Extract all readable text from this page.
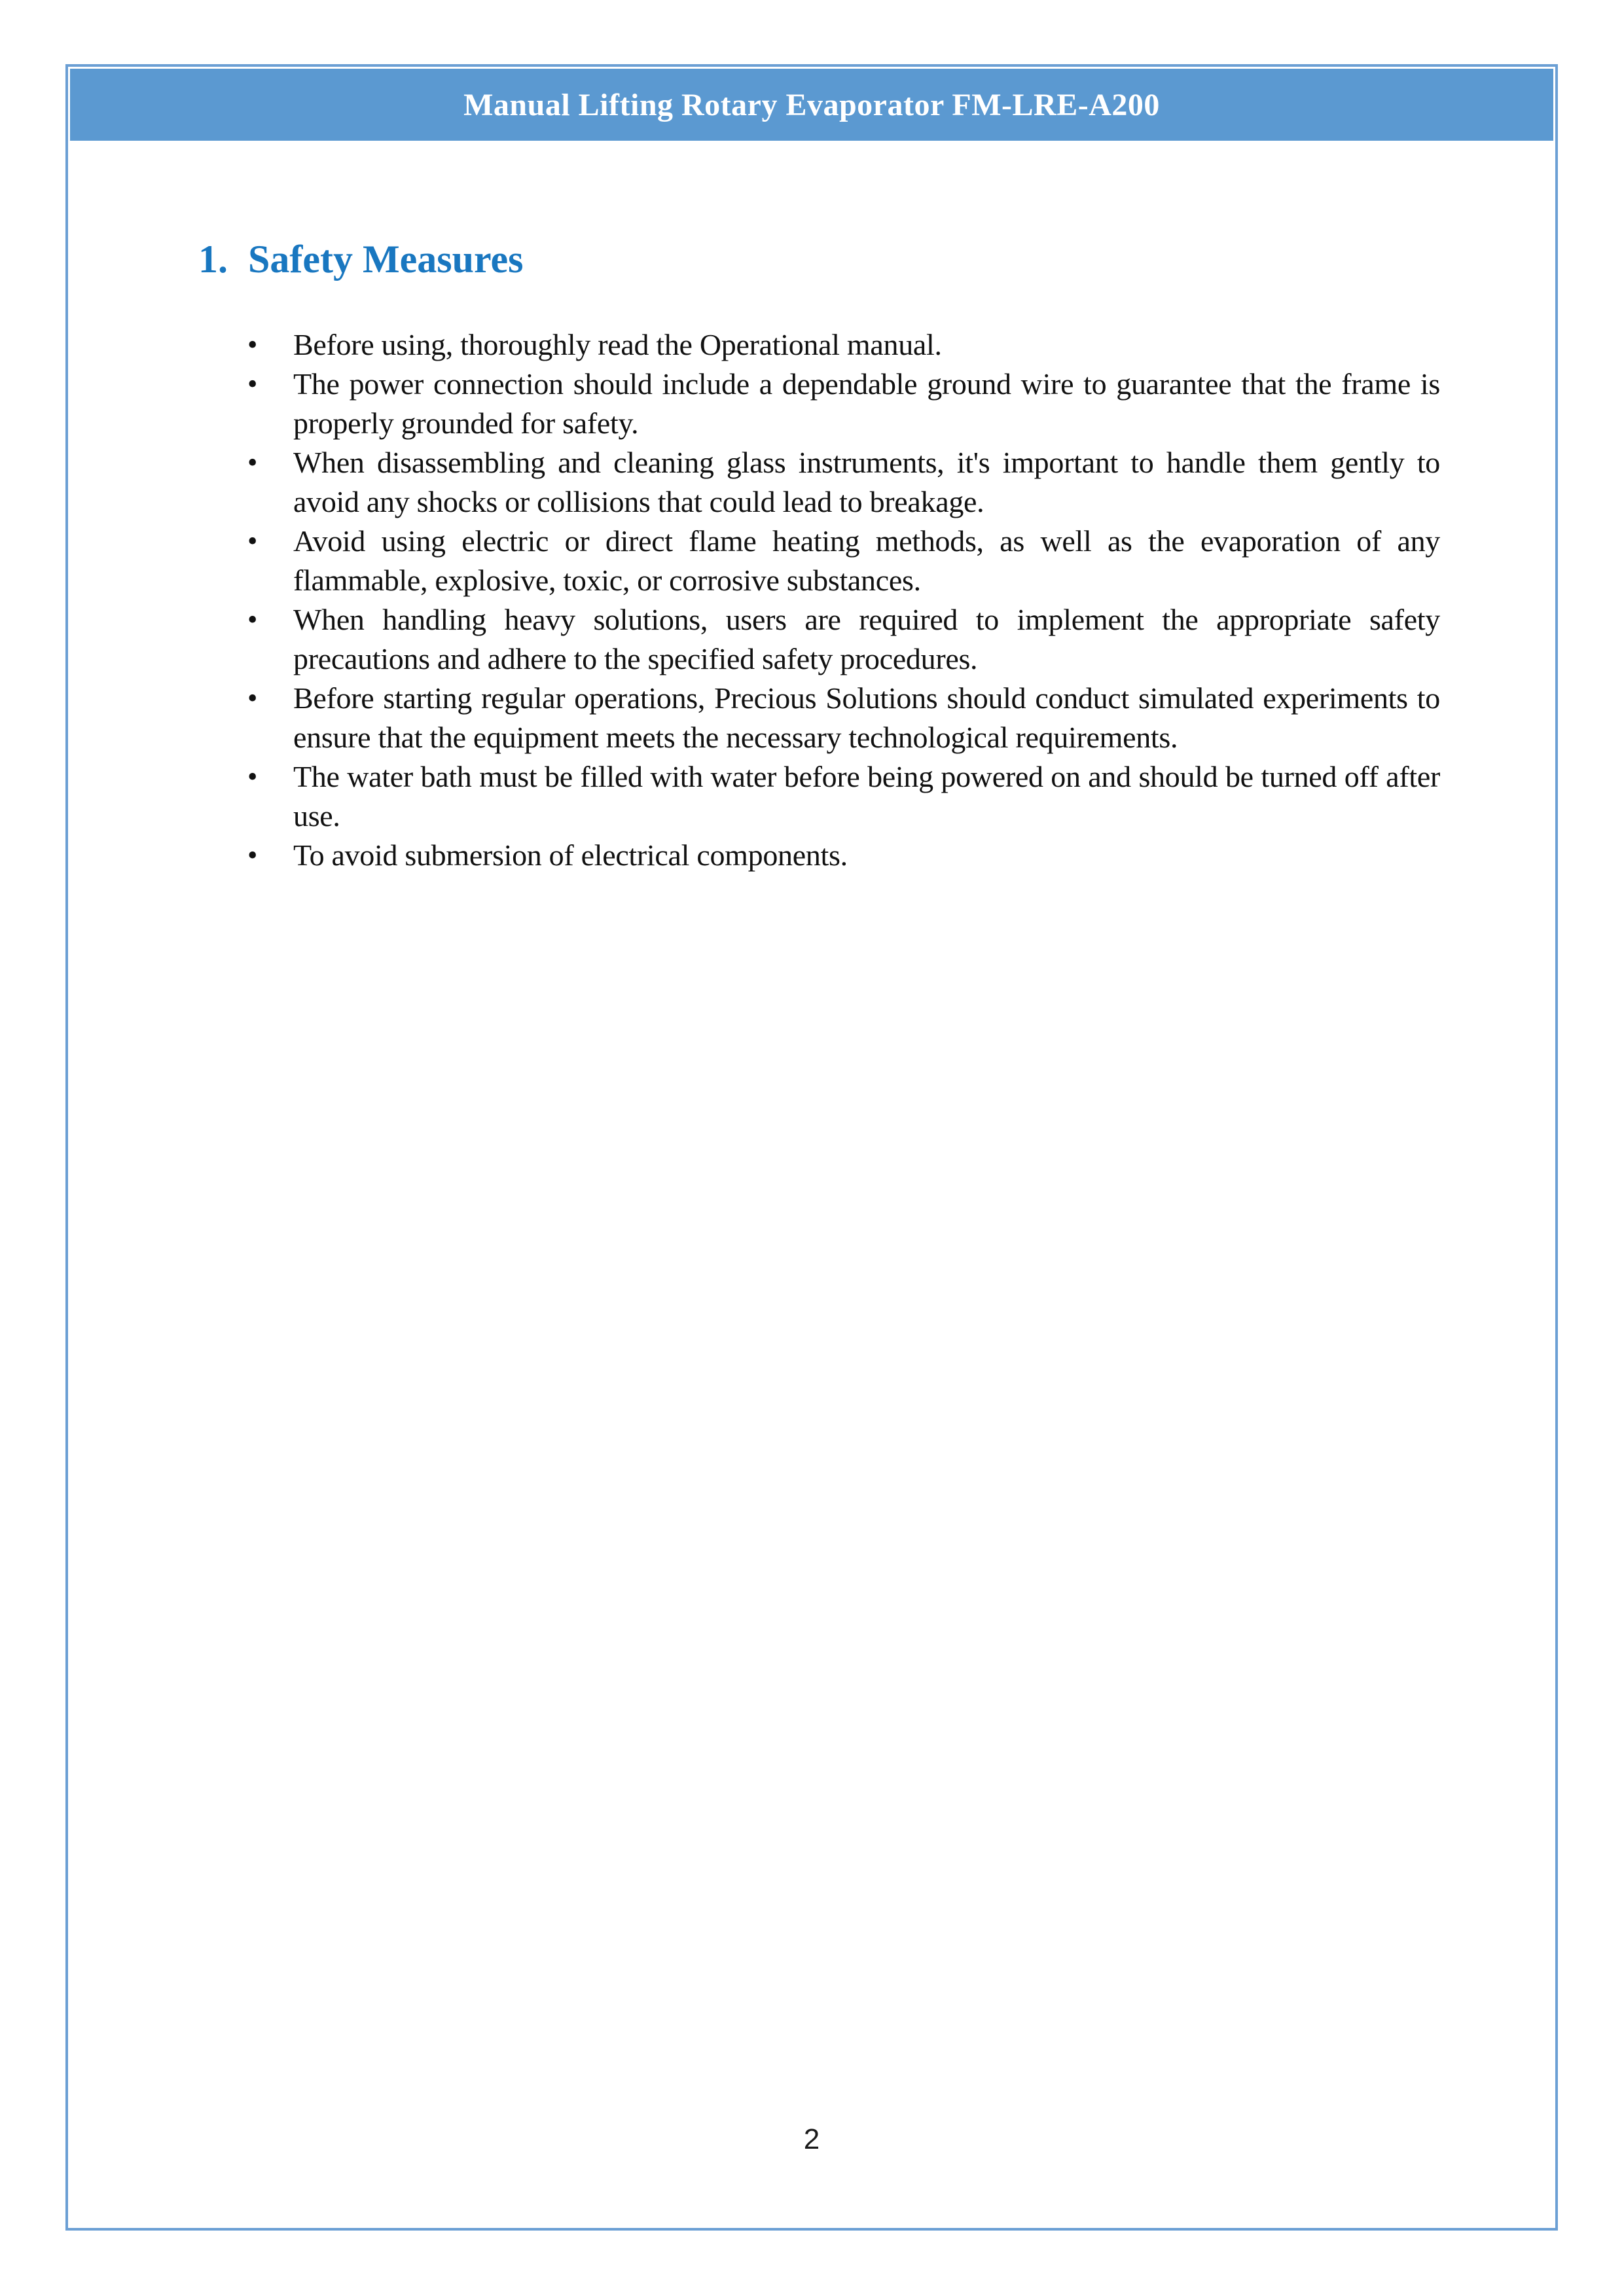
Manual Lifting Rotary Evaporator FM-LRE-A200
1. Safety Measures
•	Before using, thoroughly read the Operational manual.
•	The power connection should include a dependable ground wire to guarantee that the frame is properly grounded for safety.
•	When disassembling and cleaning glass instruments, it's important to handle them gently to avoid any shocks or collisions that could lead to breakage.
•	Avoid using electric or direct flame heating methods, as well as the evaporation of any flammable, explosive, toxic, or corrosive substances.
•	When handling heavy solutions, users are required to implement the appropriate safety precautions and adhere to the specified safety procedures.
•	Before starting regular operations, Precious Solutions should conduct simulated experiments to ensure that the equipment meets the necessary technological requirements.
•	The water bath must be filled with water before being powered on and should be turned off after use.
•	To avoid submersion of electrical components.
2
